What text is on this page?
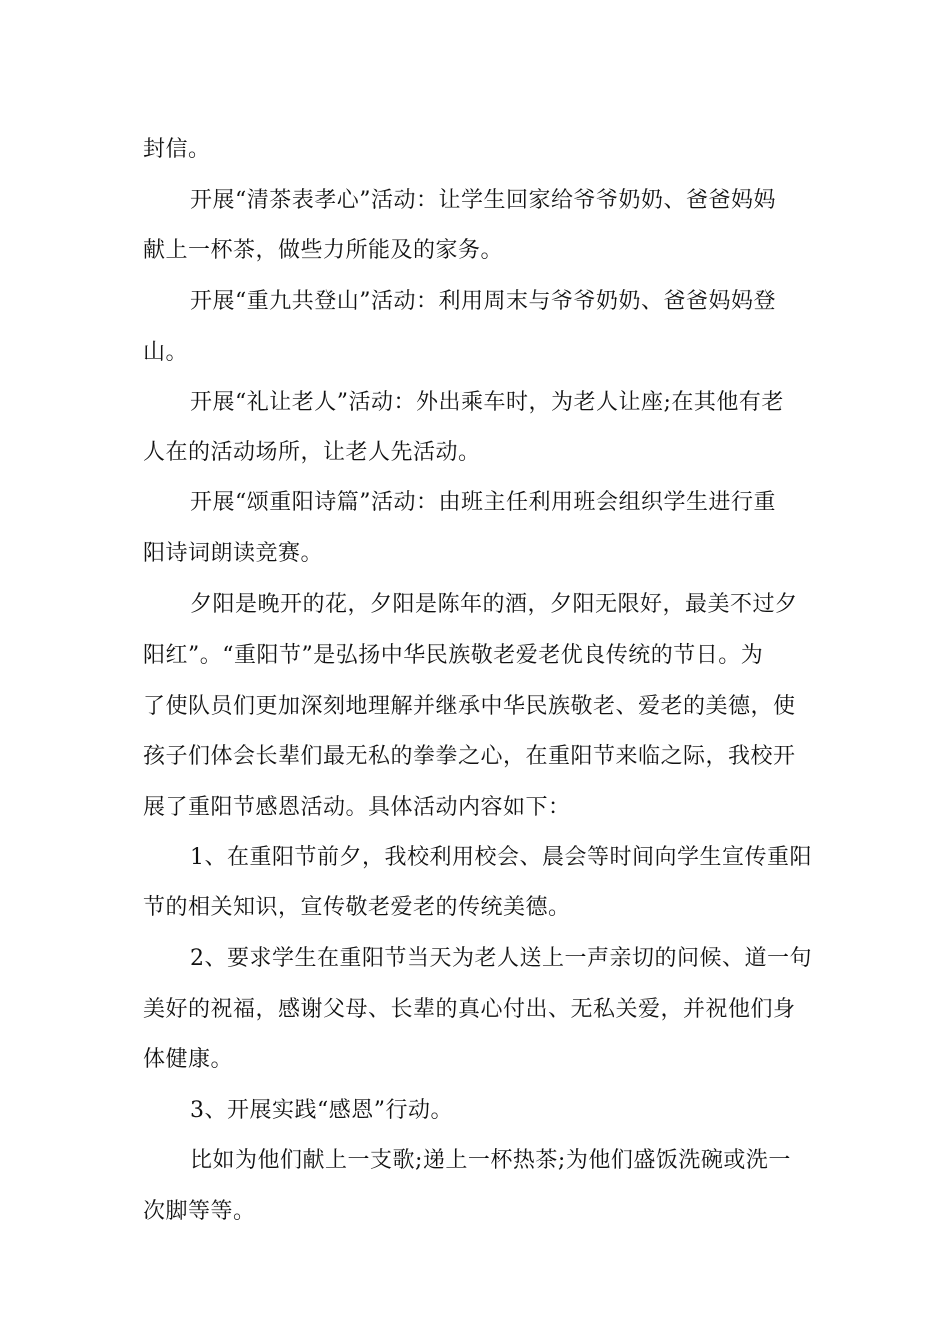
封信。
开展“清茶表孝心”活动：让学生回家给爷爷奶奶、爸爸妈妈
献上一杯茶，做些力所能及的家务。
开展“重九共登山”活动：利用周末与爷爷奶奶、爸爸妈妈登
山。
开展“礼让老人”活动：外出乘车时，为老人让座;在其他有老
人在的活动场所，让老人先活动。
开展“颂重阳诗篇”活动：由班主任利用班会组织学生进行重
阳诗词朗读竞赛。
夕阳是晚开的花，夕阳是陈年的酒，夕阳无限好，最美不过夕
阳红”。“重阳节”是弘扬中华民族敬老爱老优良传统的节日。为
了使队员们更加深刻地理解并继承中华民族敬老、爱老的美德，使
孩子们体会长辈们最无私的拳拳之心，在重阳节来临之际，我校开
展了重阳节感恩活动。具体活动内容如下：
1、在重阳节前夕，我校利用校会、晨会等时间向学生宣传重阳
节的相关知识，宣传敬老爱老的传统美德。
2、要求学生在重阳节当天为老人送上一声亲切的问候、道一句
美好的祝福，感谢父母、长辈的真心付出、无私关爱，并祝他们身
体健康。
3、开展实践“感恩”行动。
比如为他们献上一支歌;递上一杯热茶;为他们盛饭洗碗或洗一
次脚等等。
